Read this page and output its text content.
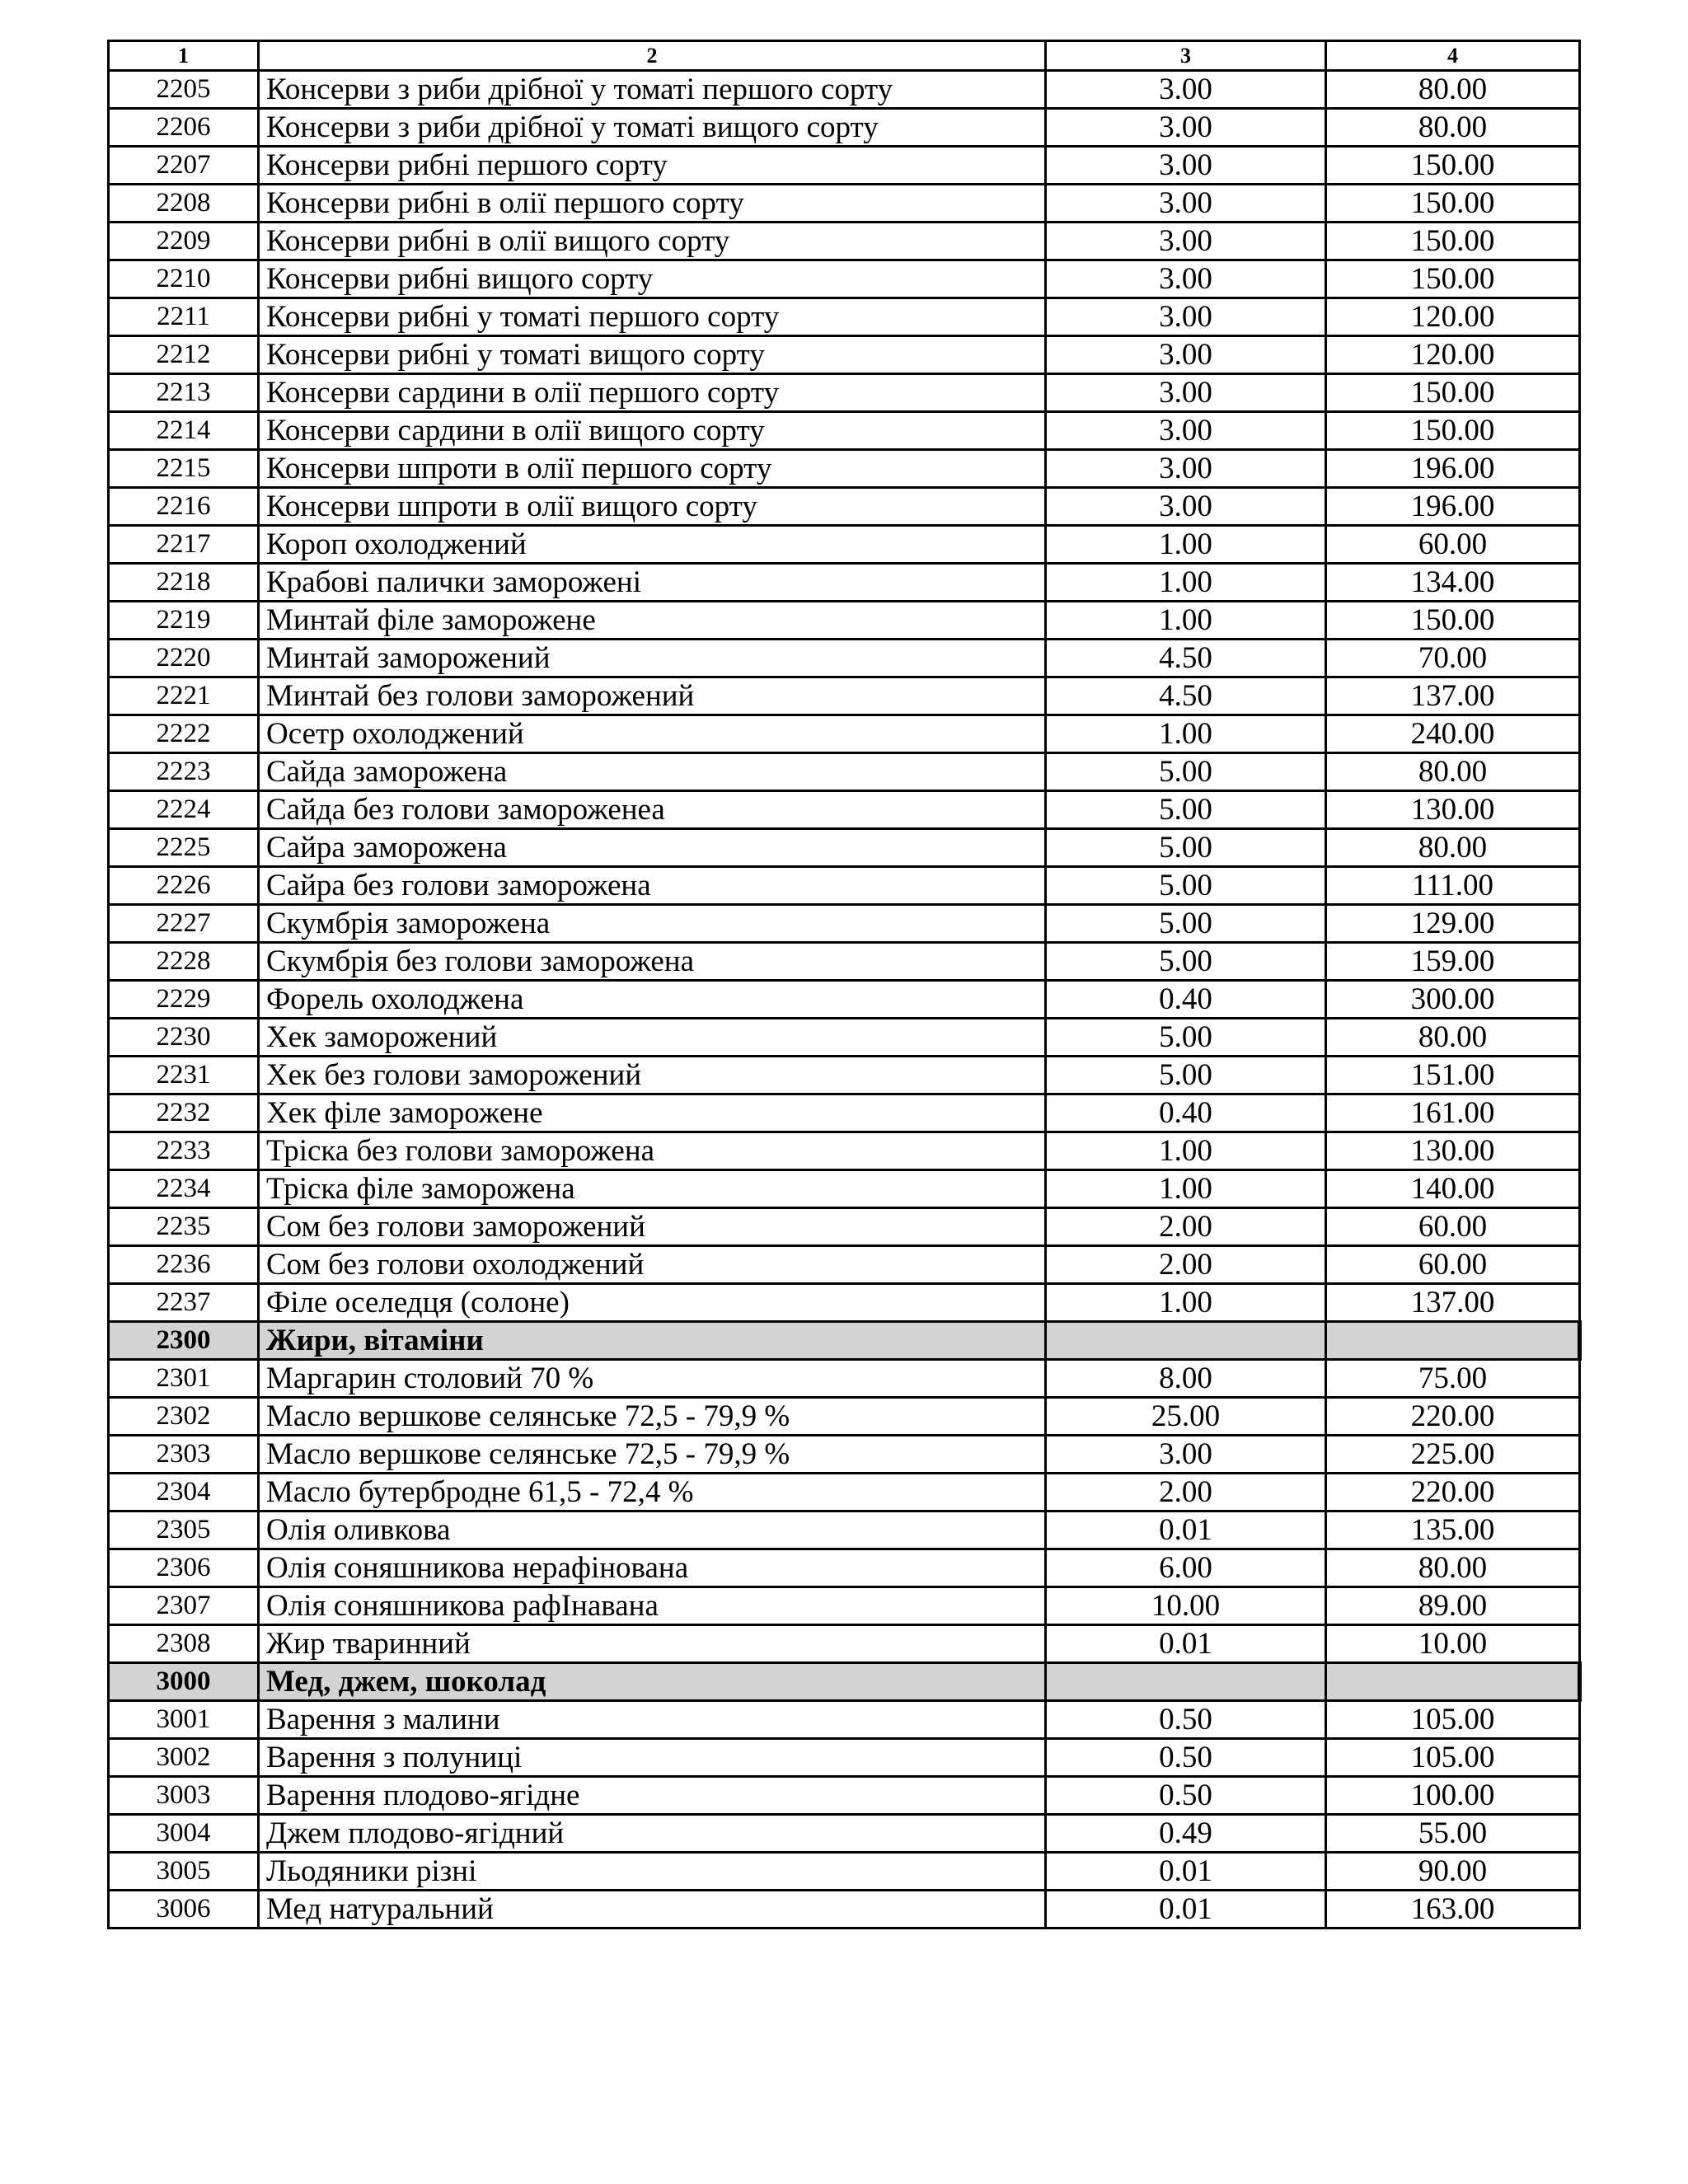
1	2	3	4
2205	Консерви з риби дрібної у томаті першого сорту	3.00	80.00
2206	Консерви з риби дрібної у томаті вищого сорту	3.00	80.00
2207	Консерви рибні першого сорту	3.00	150.00
2208	Консерви рибні в олії першого сорту	3.00	150.00
2209	Консерви рибні в олії вищого сорту	3.00	150.00
2210	Консерви рибні вищого сорту	3.00	150.00
2211	Консерви рибні у томаті першого сорту	3.00	120.00
2212	Консерви рибні у томаті вищого сорту	3.00	120.00
2213	Консерви сардини в олії першого сорту	3.00	150.00
2214	Консерви сардини в олії вищого сорту	3.00	150.00
2215	Консерви шпроти в олії першого сорту	3.00	196.00
2216	Консерви шпроти в олії вищого сорту	3.00	196.00
2217	Короп охолоджений	1.00	60.00
2218	Крабові палички заморожені	1.00	134.00
2219	Минтай філе заморожене	1.00	150.00
2220	Минтай заморожений	4.50	70.00
2221	Минтай без голови заморожений	4.50	137.00
2222	Осетр охолоджений	1.00	240.00
2223	Сайда заморожена	5.00	80.00
2224	Сайда без голови замороженеа	5.00	130.00
2225	Сайра заморожена	5.00	80.00
2226	Сайра без голови заморожена	5.00	111.00
2227	Скумбрія заморожена	5.00	129.00
2228	Скумбрія без голови заморожена	5.00	159.00
2229	Форель охолоджена	0.40	300.00
2230	Хек заморожений	5.00	80.00
2231	Хек без голови заморожений	5.00	151.00
2232	Хек філе заморожене	0.40	161.00
2233	Тріска без голови заморожена	1.00	130.00
2234	Тріска філе заморожена	1.00	140.00
2235	Сом без голови заморожений	2.00	60.00
2236	Сом без голови охолоджений	2.00	60.00
2237	Філе оселедця (солоне)	1.00	137.00
2300	Жири, вітаміни		
2301	Маргарин столовий 70 %	8.00	75.00
2302	Масло вершкове селянське 72,5 - 79,9 %	25.00	220.00
2303	Масло вершкове селянське 72,5 - 79,9 %	3.00	225.00
2304	Масло бутербродне 61,5 - 72,4 %	2.00	220.00
2305	Олія оливкова	0.01	135.00
2306	Олія соняшникова нерафінована	6.00	80.00
2307	Олія соняшникова рафІнавана	10.00	89.00
2308	Жир тваринний	0.01	10.00
3000	Мед, джем, шоколад		
3001	Варення з малини	0.50	105.00
3002	Варення з полуниці	0.50	105.00
3003	Варення плодово-ягідне	0.50	100.00
3004	Джем плодово-ягідний	0.49	55.00
3005	Льодяники різні	0.01	90.00
3006	Мед натуральний	0.01	163.00
